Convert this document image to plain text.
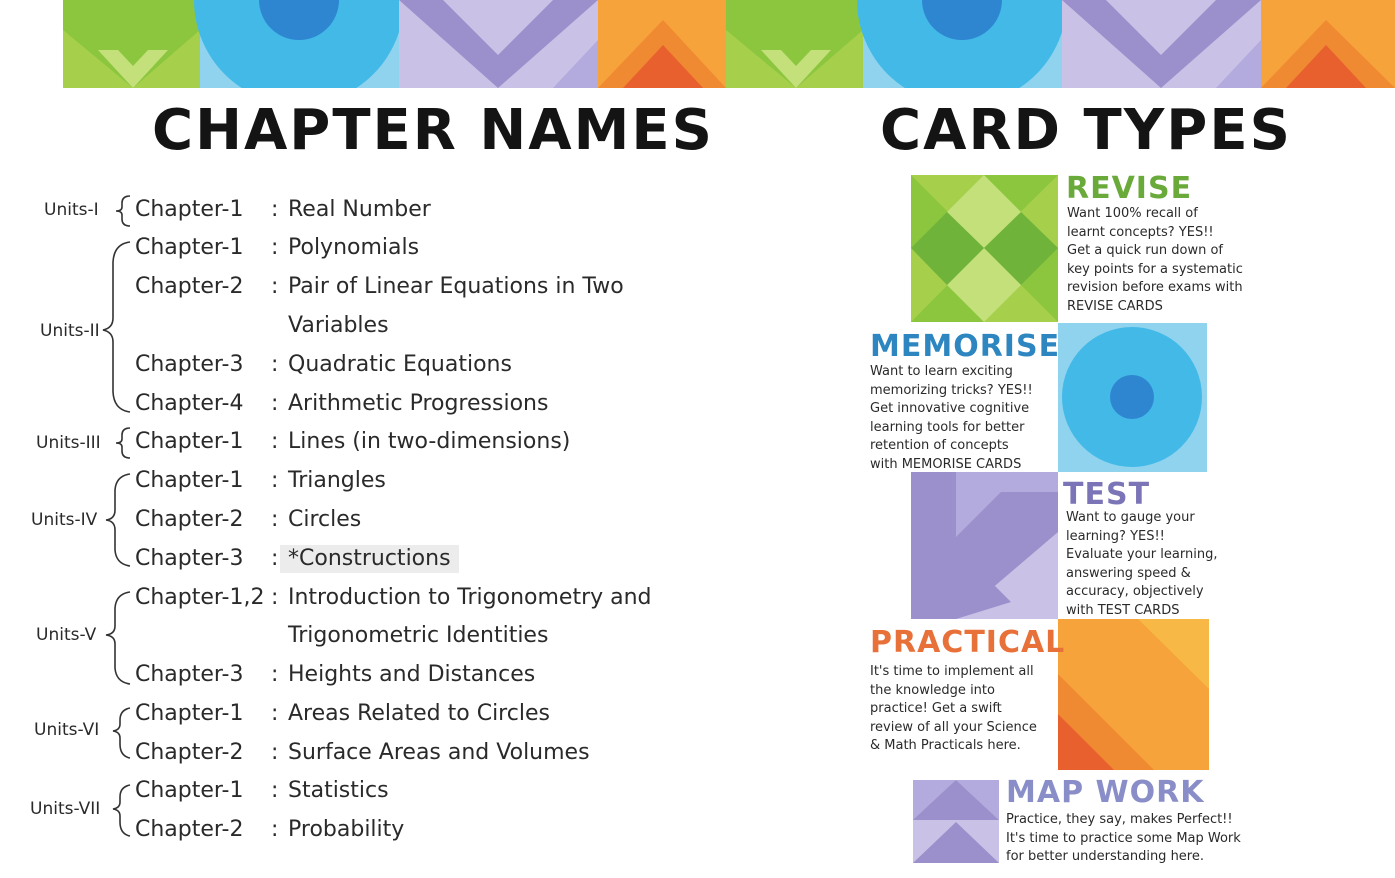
CHAPTER NAMES
Units-I
Units-II
Units-III
Units-IV
Units-V
Units-VI
Units-VII
Chapter-1 : Real Number
Chapter-1 : Polynomials
Chapter-2 : Pair of Linear Equations in Two
Variables
Chapter-3 : Quadratic Equations
Chapter-4 : Arithmetic Progressions
Chapter-1 : Lines (in two-dimensions)
Chapter-1 : Triangles
Chapter-2 : Circles
Chapter-3 : *Constructions
Chapter-1,2 : Introduction to Trigonometry and
Trigonometric Identities
Chapter-3 : Heights and Distances
Chapter-1 : Areas Related to Circles
Chapter-2 : Surface Areas and Volumes
Chapter-1 : Statistics
Chapter-2 : Probability
CARD TYPES
REVISE
Want 100% recall of
learnt concepts? YES!!
Get a quick run down of
key points for a systematic
revision before exams with
REVISE CARDS
MEMORISE
Want to learn exciting
memorizing tricks? YES!!
Get innovative cognitive
learning tools for better
retention of concepts
with MEMORISE CARDS
TEST
Want to gauge your
learning? YES!!
Evaluate your learning,
answering speed &
accuracy, objectively
with TEST CARDS
PRACTICAL
It's time to implement all
the knowledge into
practice! Get a swift
review of all your Science
& Math Practicals here.
MAP WORK
Practice, they say, makes Perfect!!
It's time to practice some Map Work
for better understanding here.
